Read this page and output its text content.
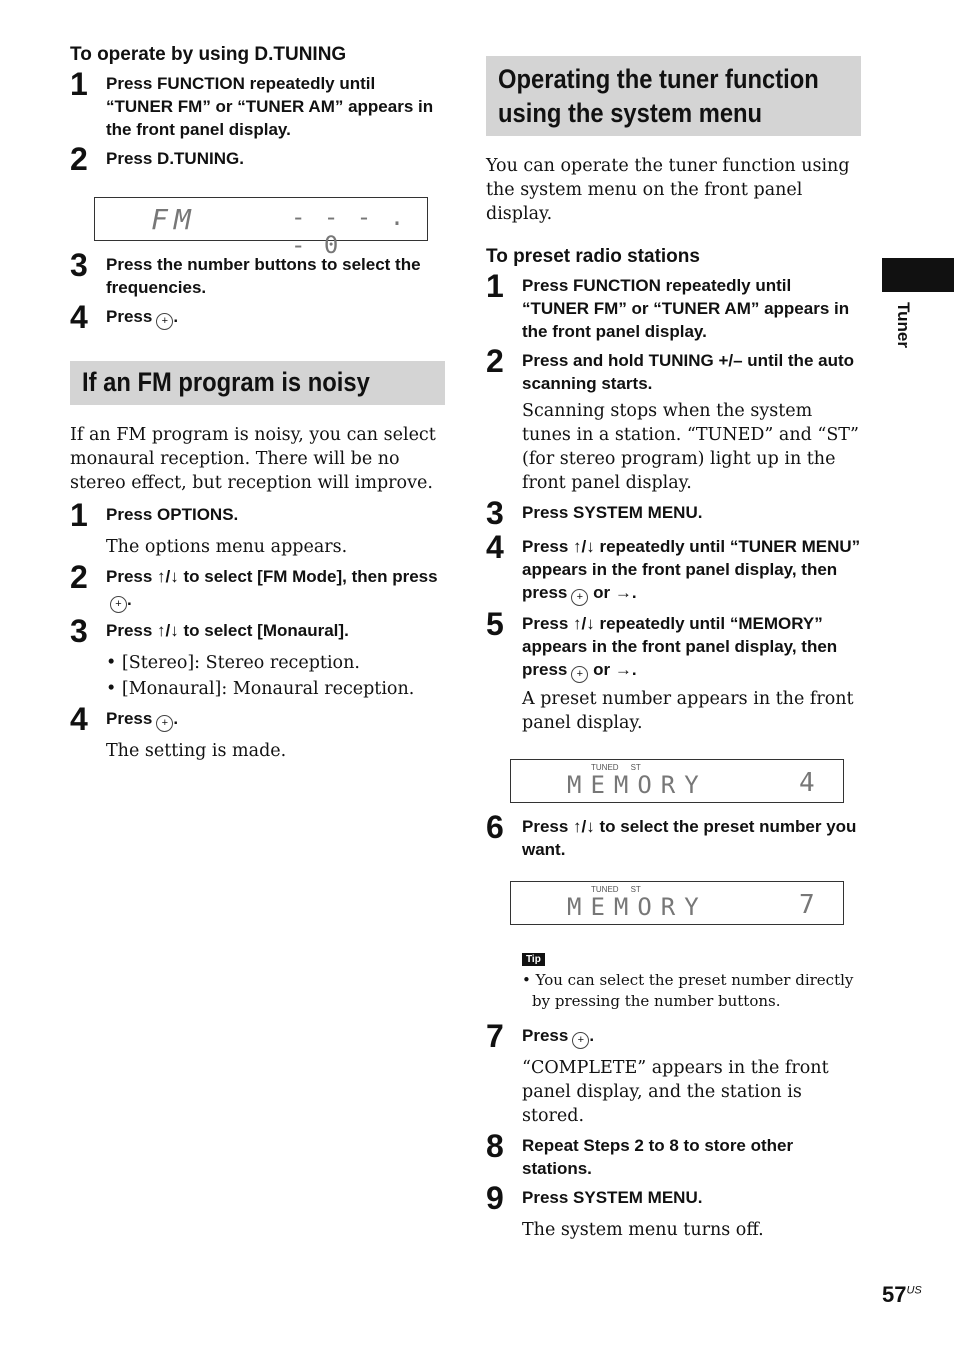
To operate by using D.TUNING
1	Press FUNCTION repeatedly until “TUNER FM” or “TUNER AM” appears in the front panel display.
2	Press D.TUNING.
FM	- - - . - 0
3	Press the number buttons to select the frequencies.
4	Press + .
If an FM program is noisy
If an FM program is noisy, you can select monaural reception. There will be no stereo effect, but reception will improve.
1	Press OPTIONS.
The options menu appears.
2	Press ↑/↓ to select [FM Mode], then press+ .
3	Press ↑/↓ to select [Monaural].
• [Stereo]: Stereo reception.
• [Monaural]: Monaural reception.
4	Press + .
The setting is made.
Operating the tuner function using the system menu
You can operate the tuner function using the system menu on the front panel display.
To preset radio stations
1	Press FUNCTION repeatedly until “TUNER FM” or “TUNER AM” appears in the front panel display.
2	Press and hold TUNING +/– until the auto scanning starts.
Scanning stops when the system tunes in a station. “TUNED” and “ST” (for stereo program) light up in the front panel display.
3	Press SYSTEM MENU.
4	Press ↑/↓ repeatedly until “TUNER MENU” appears in the front panel display, then press + or →.
5	Press ↑/↓ repeatedly until “MEMORY” appears in the front panel display, then press + or →.
A preset number appears in the front panel display.
TUNED ST
MEMORY	4
6	Press ↑/↓ to select the preset number you want.
TUNED ST
MEMORY	7
Tip
• You can select the preset number directly by pressing the number buttons.
7	Press + .
“COMPLETE” appears in the front panel display, and the station is stored.
8	Repeat Steps 2 to 8 to store other stations.
9	Press SYSTEM MENU.
The system menu turns off.
Tuner
$57^{US}$
